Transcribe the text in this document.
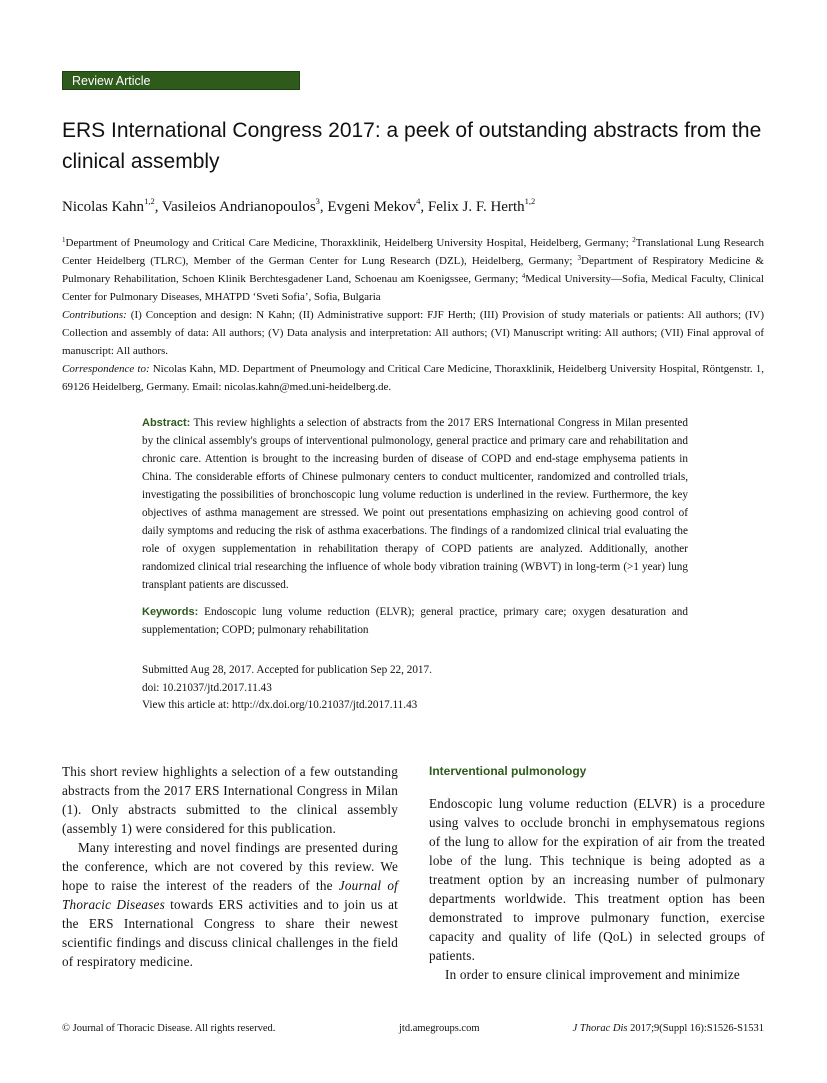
Review Article
ERS International Congress 2017: a peek of outstanding abstracts from the clinical assembly
Nicolas Kahn$^{1,2}$, Vasileios Andrianopoulos$^3$, Evgeni Mekov$^4$, Felix J. F. Herth$^{1,2}$

$^1$Department of Pneumology and Critical Care Medicine, Thoraxklinik, Heidelberg University Hospital, Heidelberg, Germany; $^2$Translational Lung Research Center Heidelberg (TLRC), Member of the German Center for Lung Research (DZL), Heidelberg, Germany; $^3$Department of Respiratory Medicine & Pulmonary Rehabilitation, Schoen Klinik Berchtesgadener Land, Schoenau am Koenigssee, Germany; $^4$Medical University—Sofia, Medical Faculty, Clinical Center for Pulmonary Diseases, MHATPD ‘Sveti Sofia’, Sofia, Bulgaria

Contributions: (I) Conception and design: N Kahn; (II) Administrative support: FJF Herth; (III) Provision of study materials or patients: All authors; (IV) Collection and assembly of data: All authors; (V) Data analysis and interpretation: All authors; (VI) Manuscript writing: All authors; (VII) Final approval of manuscript: All authors.

Correspondence to: Nicolas Kahn, MD. Department of Pneumology and Critical Care Medicine, Thoraxklinik, Heidelberg University Hospital, Röntgenstr. 1, 69126 Heidelberg, Germany. Email: nicolas.kahn@med.uni-heidelberg.de.

Abstract: This review highlights a selection of abstracts from the 2017 ERS International Congress in Milan presented by the clinical assembly's groups of interventional pulmonology, general practice and primary care and rehabilitation and chronic care. Attention is brought to the increasing burden of disease of COPD and end-stage emphysema patients in China. The considerable efforts of Chinese pulmonary centers to conduct multicenter, randomized and controlled trials, investigating the possibilities of bronchoscopic lung volume reduction is underlined in the review. Furthermore, the key objectives of asthma management are stressed. We point out presentations emphasizing on achieving good control of daily symptoms and reducing the risk of asthma exacerbations. The findings of a randomized clinical trial evaluating the role of oxygen supplementation in rehabilitation therapy of COPD patients are analyzed. Additionally, another randomized clinical trial researching the influence of whole body vibration training (WBVT) in long-term (>1 year) lung transplant patients are discussed.

Keywords: Endoscopic lung volume reduction (ELVR); general practice, primary care; oxygen desaturation and supplementation; COPD; pulmonary rehabilitation

Submitted Aug 28, 2017. Accepted for publication Sep 22, 2017.
doi: 10.21037/jtd.2017.11.43
View this article at: http://dx.doi.org/10.21037/jtd.2017.11.43

This short review highlights a selection of a few outstanding abstracts from the 2017 ERS International Congress in Milan (1). Only abstracts submitted to the clinical assembly (assembly 1) were considered for this publication.

Many interesting and novel findings are presented during the conference, which are not covered by this review. We hope to raise the interest of the readers of the Journal of Thoracic Diseases towards ERS activities and to join us at the ERS International Congress to share their newest scientific findings and discuss clinical challenges in the field of respiratory medicine.

Interventional pulmonology

Endoscopic lung volume reduction (ELVR) is a procedure using valves to occlude bronchi in emphysematous regions of the lung to allow for the expiration of air from the treated lobe of the lung. This technique is being adopted as a treatment option by an increasing number of pulmonary departments worldwide. This treatment option has been demonstrated to improve pulmonary function, exercise capacity and quality of life (QoL) in selected groups of patients.

In order to ensure clinical improvement and minimize

© Journal of Thoracic Disease. All rights reserved.	jtd.amegroups.com	J Thorac Dis 2017;9(Suppl 16):S1526-S1531
